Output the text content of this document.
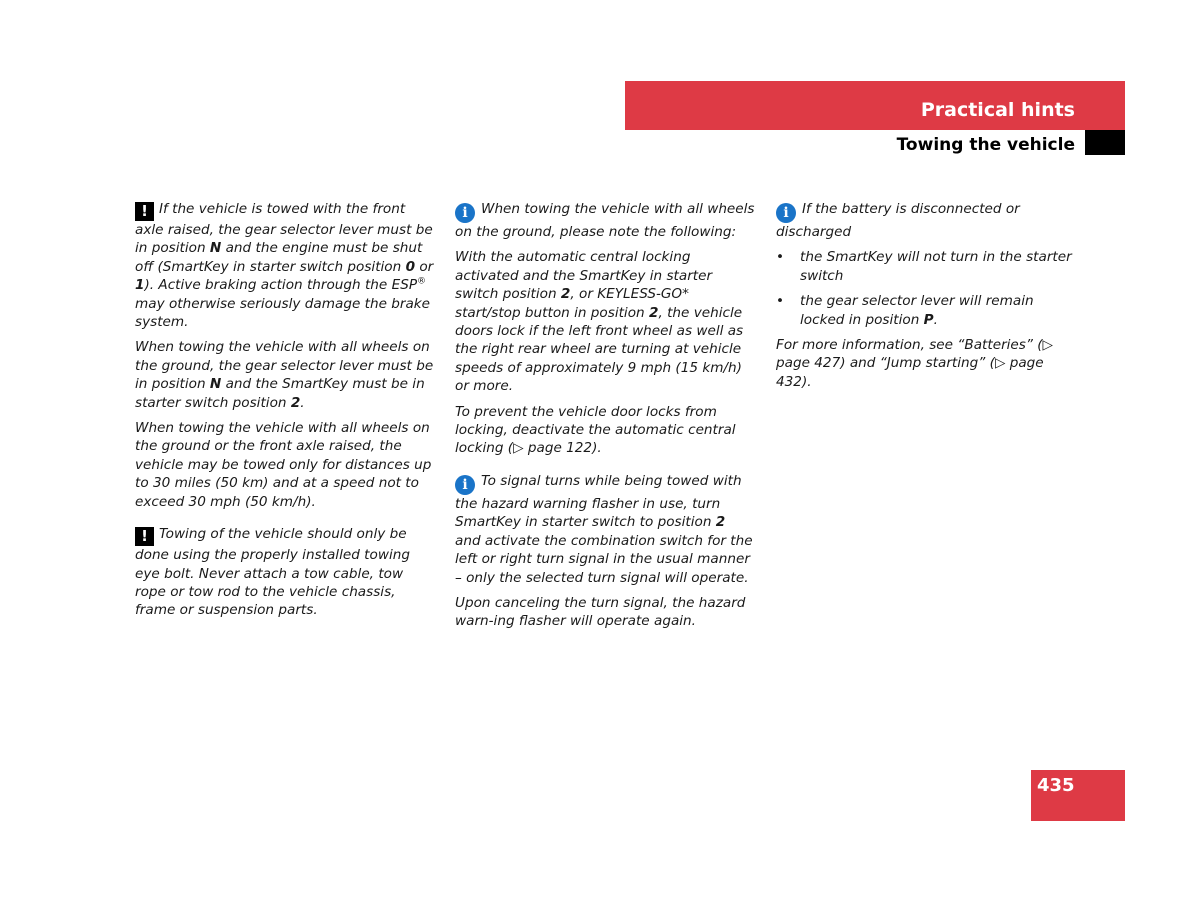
Practical hints
Towing the vehicle

! If the vehicle is towed with the front axle raised, the gear selector lever must be in position N and the engine must be shut off (SmartKey in starter switch position 0 or 1). Active braking action through the ESP® may otherwise seriously damage the brake system.

When towing the vehicle with all wheels on the ground, the gear selector lever must be in position N and the SmartKey must be in starter switch position 2.

When towing the vehicle with all wheels on the ground or the front axle raised, the vehicle may be towed only for distances up to 30 miles (50 km) and at a speed not to exceed 30 mph (50 km/h).

! Towing of the vehicle should only be done using the properly installed towing eye bolt. Never attach a tow cable, tow rope or tow rod to the vehicle chassis, frame or suspension parts.

i When towing the vehicle with all wheels on the ground, please note the following:

With the automatic central locking activated and the SmartKey in starter switch position 2, or KEYLESS-GO* start/stop button in position 2, the vehicle doors lock if the left front wheel as well as the right rear wheel are turning at vehicle speeds of approximately 9 mph (15 km/h) or more.

To prevent the vehicle door locks from locking, deactivate the automatic central locking (▷ page 122).

i To signal turns while being towed with the hazard warning flasher in use, turn SmartKey in starter switch to position 2 and activate the combination switch for the left or right turn signal in the usual manner – only the selected turn signal will operate.

Upon canceling the turn signal, the hazard warn-ing flasher will operate again.

i If the battery is disconnected or discharged

• the SmartKey will not turn in the starter switch
• the gear selector lever will remain locked in position P.

For more information, see “Batteries” (▷ page 427) and “Jump starting” (▷ page 432).

435
